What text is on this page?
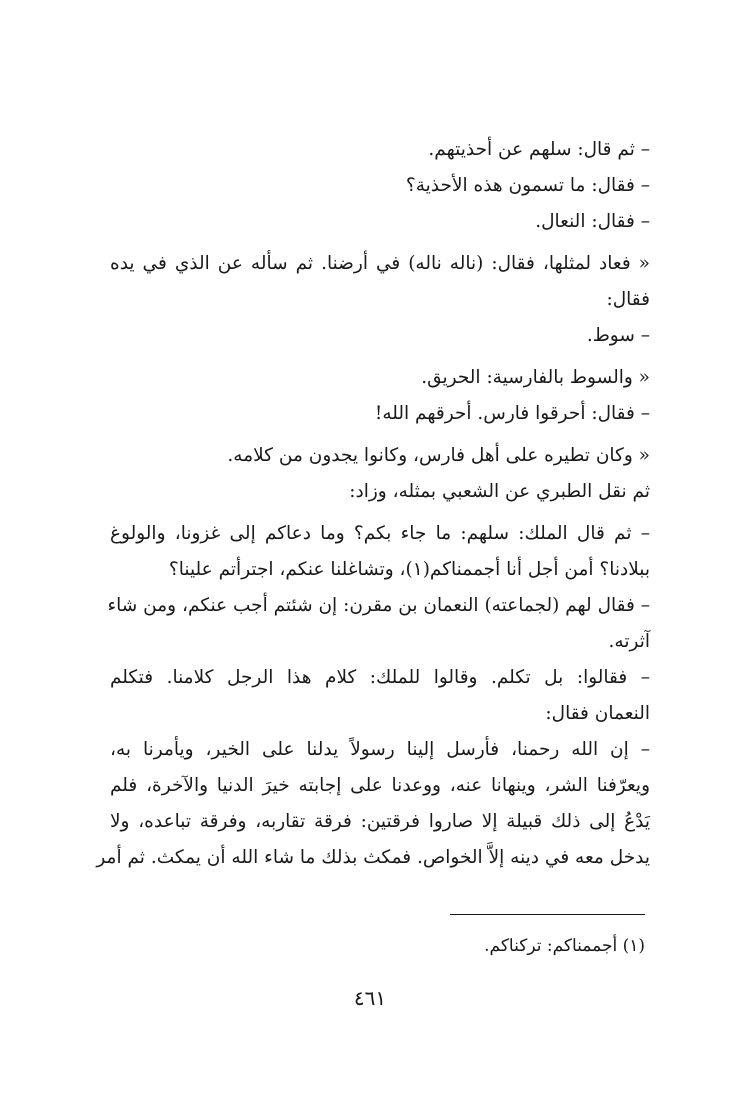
– ثم قال: سلهم عن أحذيتهم.
– فقال: ما تسمون هذه الأحذية؟
– فقال: النعال.
« فعاد لمثلها، فقال: (ناله ناله) في أرضنا. ثم سأله عن الذي في يده
فقال:
– سوط.
« والسوط بالفارسية: الحريق.
– فقال: أحرقوا فارس. أحرقهم الله!
« وكان تطيره على أهل فارس، وكانوا يجدون من كلامه.
ثم نقل الطبري عن الشعبي بمثله، وزاد:
– ثم قال الملك: سلهم: ما جاء بكم؟ وما دعاكم إلى غزونا، والولوغ
ببلادنا؟ أمن أجل أنا أجممناكم(١)، وتشاغلنا عنكم، اجترأتم علينا؟
– فقال لهم (لجماعته) النعمان بن مقرن: إن شئتم أجب عنكم، ومن شاء
آثرته.
– فقالوا: بل تكلم. وقالوا للملك: كلام هذا الرجل كلامنا. فتكلم
النعمان فقال:
– إن الله رحمنا، فأرسل إلينا رسولاً يدلنا على الخير، ويأمرنا به،
ويعرّفنا الشر، وينهانا عنه، ووعدنا على إجابته خيرَ الدنيا والآخرة، فلم
يَدْعُ إلى ذلك قبيلة إلا صاروا فرقتين: فرقة تقاربه، وفرقة تباعده، ولا
يدخل معه في دينه إلاَّ الخواص. فمكث بذلك ما شاء الله أن يمكث. ثم أمر
(١) أجممناكم: تركناكم.
٤٦١
